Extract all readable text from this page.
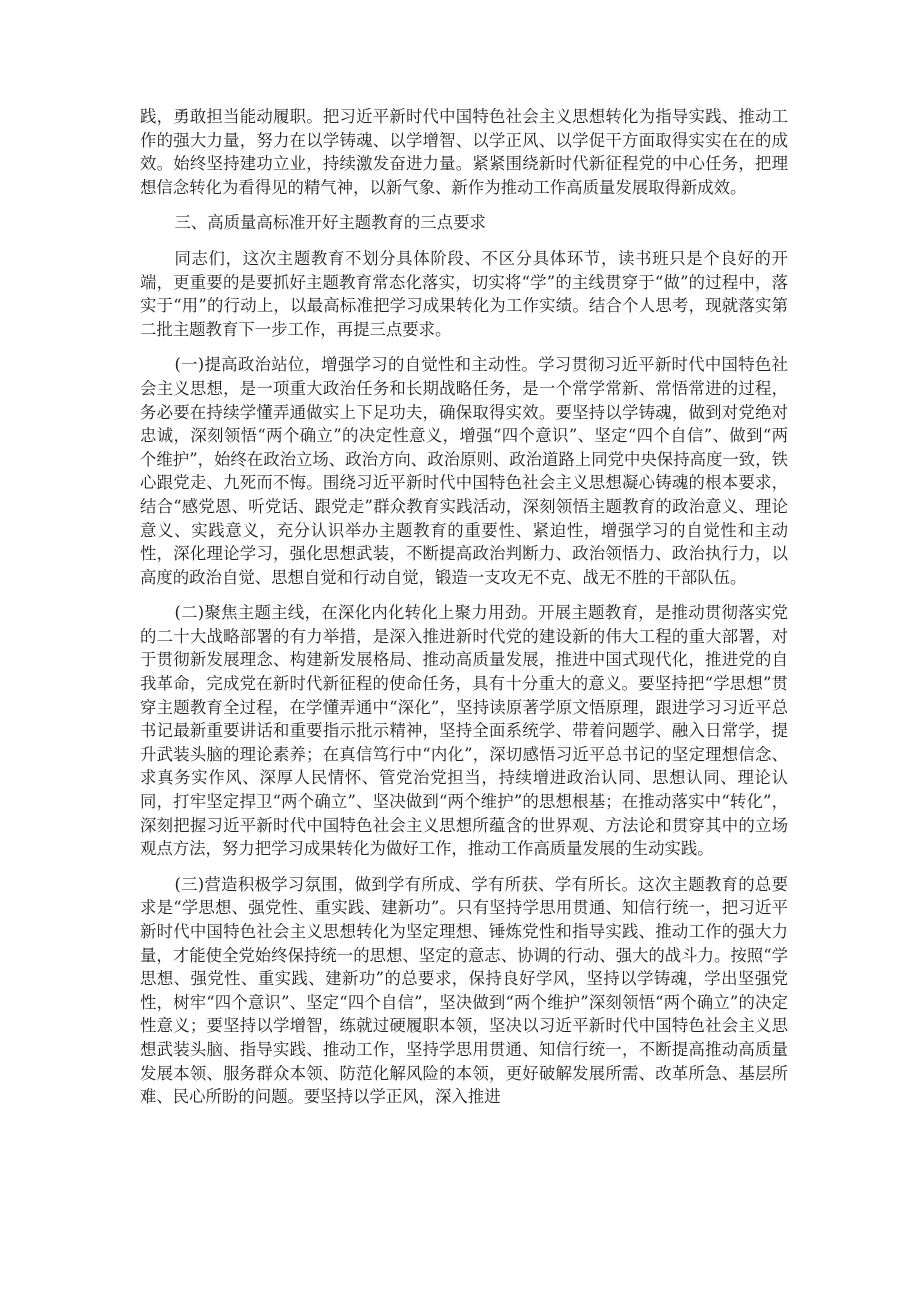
践，勇敢担当能动履职。把习近平新时代中国特色社会主义思想转化为指导实践、推动工作的强大力量，努力在以学铸魂、以学增智、以学正风、以学促干方面取得实实在在的成效。始终坚持建功立业，持续激发奋进力量。紧紧围绕新时代新征程党的中心任务，把理想信念转化为看得见的精气神，以新气象、新作为推动工作高质量发展取得新成效。

三、高质量高标准开好主题教育的三点要求

同志们，这次主题教育不划分具体阶段、不区分具体环节，读书班只是个良好的开端，更重要的是要抓好主题教育常态化落实，切实将“学”的主线贯穿于“做”的过程中，落实于“用”的行动上，以最高标准把学习成果转化为工作实绩。结合个人思考，现就落实第二批主题教育下一步工作，再提三点要求。

(一)提高政治站位，增强学习的自觉性和主动性。学习贯彻习近平新时代中国特色社会主义思想，是一项重大政治任务和长期战略任务，是一个常学常新、常悟常进的过程，务必要在持续学懂弄通做实上下足功夫，确保取得实效。要坚持以学铸魂，做到对党绝对忠诚，深刻领悟“两个确立”的决定性意义，增强“四个意识”、坚定“四个自信”、做到“两个维护”，始终在政治立场、政治方向、政治原则、政治道路上同党中央保持高度一致，铁心跟党走、九死而不悔。围绕习近平新时代中国特色社会主义思想凝心铸魂的根本要求，结合“感党恩、听党话、跟党走”群众教育实践活动，深刻领悟主题教育的政治意义、理论意义、实践意义，充分认识举办主题教育的重要性、紧迫性，增强学习的自觉性和主动性，深化理论学习，强化思想武装，不断提高政治判断力、政治领悟力、政治执行力，以高度的政治自觉、思想自觉和行动自觉，锻造一支攻无不克、战无不胜的干部队伍。

(二)聚焦主题主线，在深化内化转化上聚力用劲。开展主题教育，是推动贯彻落实党的二十大战略部署的有力举措，是深入推进新时代党的建设新的伟大工程的重大部署，对于贯彻新发展理念、构建新发展格局、推动高质量发展，推进中国式现代化，推进党的自我革命，完成党在新时代新征程的使命任务，具有十分重大的意义。要坚持把“学思想”贯穿主题教育全过程，在学懂弄通中“深化”，坚持读原著学原文悟原理，跟进学习习近平总书记最新重要讲话和重要指示批示精神，坚持全面系统学、带着问题学、融入日常学，提升武装头脑的理论素养；在真信笃行中“内化”，深切感悟习近平总书记的坚定理想信念、求真务实作风、深厚人民情怀、管党治党担当，持续增进政治认同、思想认同、理论认同，打牢坚定捍卫“两个确立”、坚决做到“两个维护”的思想根基；在推动落实中“转化”，深刻把握习近平新时代中国特色社会主义思想所蕴含的世界观、方法论和贯穿其中的立场观点方法，努力把学习成果转化为做好工作，推动工作高质量发展的生动实践。

(三)营造积极学习氛围，做到学有所成、学有所获、学有所长。这次主题教育的总要求是“学思想、强党性、重实践、建新功”。只有坚持学思用贯通、知信行统一，把习近平新时代中国特色社会主义思想转化为坚定理想、锤炼党性和指导实践、推动工作的强大力量，才能使全党始终保持统一的思想、坚定的意志、协调的行动、强大的战斗力。按照“学思想、强党性、重实践、建新功”的总要求，保持良好学风，坚持以学铸魂，学出坚强党性，树牢“四个意识”、坚定“四个自信”，坚决做到“两个维护”深刻领悟“两个确立”的决定性意义；要坚持以学增智，练就过硬履职本领，坚决以习近平新时代中国特色社会主义思想武装头脑、指导实践、推动工作，坚持学思用贯通、知信行统一，不断提高推动高质量发展本领、服务群众本领、防范化解风险的本领，更好破解发展所需、改革所急、基层所难、民心所盼的问题。要坚持以学正风，深入推进
